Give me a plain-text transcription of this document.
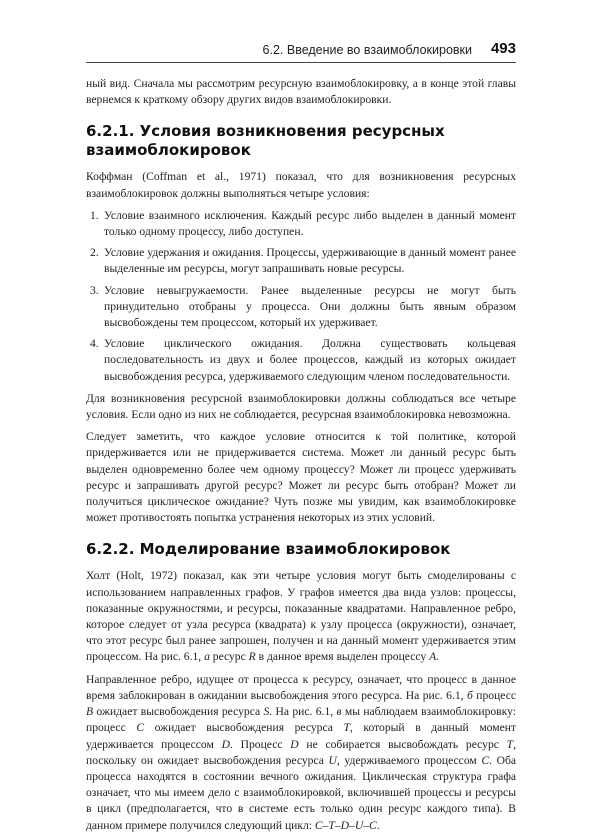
6.2. Введение во взаимоблокировки 493

ный вид. Сначала мы рассмотрим ресурсную взаимоблокировку, а в конце этой главы вернемся к краткому обзору других видов взаимоблокировки.

6.2.1. Условия возникновения ресурсных взаимоблокировок

Коффман (Coffman et al., 1971) показал, что для возникновения ресурсных взаимоблокировок должны выполняться четыре условия:

1. Условие взаимного исключения. Каждый ресурс либо выделен в данный момент только одному процессу, либо доступен.
2. Условие удержания и ожидания. Процессы, удерживающие в данный момент ранее выделенные им ресурсы, могут запрашивать новые ресурсы.
3. Условие невыгружаемости. Ранее выделенные ресурсы не могут быть принудительно отобраны у процесса. Они должны быть явным образом высвобождены тем процессом, который их удерживает.
4. Условие циклического ожидания. Должна существовать кольцевая последовательность из двух и более процессов, каждый из которых ожидает высвобождения ресурса, удерживаемого следующим членом последовательности.

Для возникновения ресурсной взаимоблокировки должны соблюдаться все четыре условия. Если одно из них не соблюдается, ресурсная взаимоблокировка невозможна.

Следует заметить, что каждое условие относится к той политике, которой придерживается или не придерживается система. Может ли данный ресурс быть выделен одновременно более чем одному процессу? Может ли процесс удерживать ресурс и запрашивать другой ресурс? Может ли ресурс быть отобран? Может ли получиться циклическое ожидание? Чуть позже мы увидим, как взаимоблокировке может противостоять попытка устранения некоторых из этих условий.

6.2.2. Моделирование взаимоблокировок

Холт (Holt, 1972) показал, как эти четыре условия могут быть смоделированы с использованием направленных графов. У графов имеется два вида узлов: процессы, показанные окружностями, и ресурсы, показанные квадратами. Направленное ребро, которое следует от узла ресурса (квадрата) к узлу процесса (окружности), означает, что этот ресурс был ранее запрошен, получен и на данный момент удерживается этим процессом. На рис. 6.1, а ресурс R в данное время выделен процессу A.

Направленное ребро, идущее от процесса к ресурсу, означает, что процесс в данное время заблокирован в ожидании высвобождения этого ресурса. На рис. 6.1, б процесс B ожидает высвобождения ресурса S. На рис. 6.1, в мы наблюдаем взаимоблокировку: процесс C ожидает высвобождения ресурса T, который в данный момент удерживается процессом D. Процесс D не собирается высвобождать ресурс T, поскольку он ожидает высвобождения ресурса U, удерживаемого процессом C. Оба процесса находятся в состоянии вечного ожидания. Циклическая структура графа означает, что мы имеем дело с взаимоблокировкой, включившей процессы и ресурсы в цикл (предполагается, что в системе есть только один ресурс каждого типа). В данном примере получился следующий цикл: C–T–D–U–C.
